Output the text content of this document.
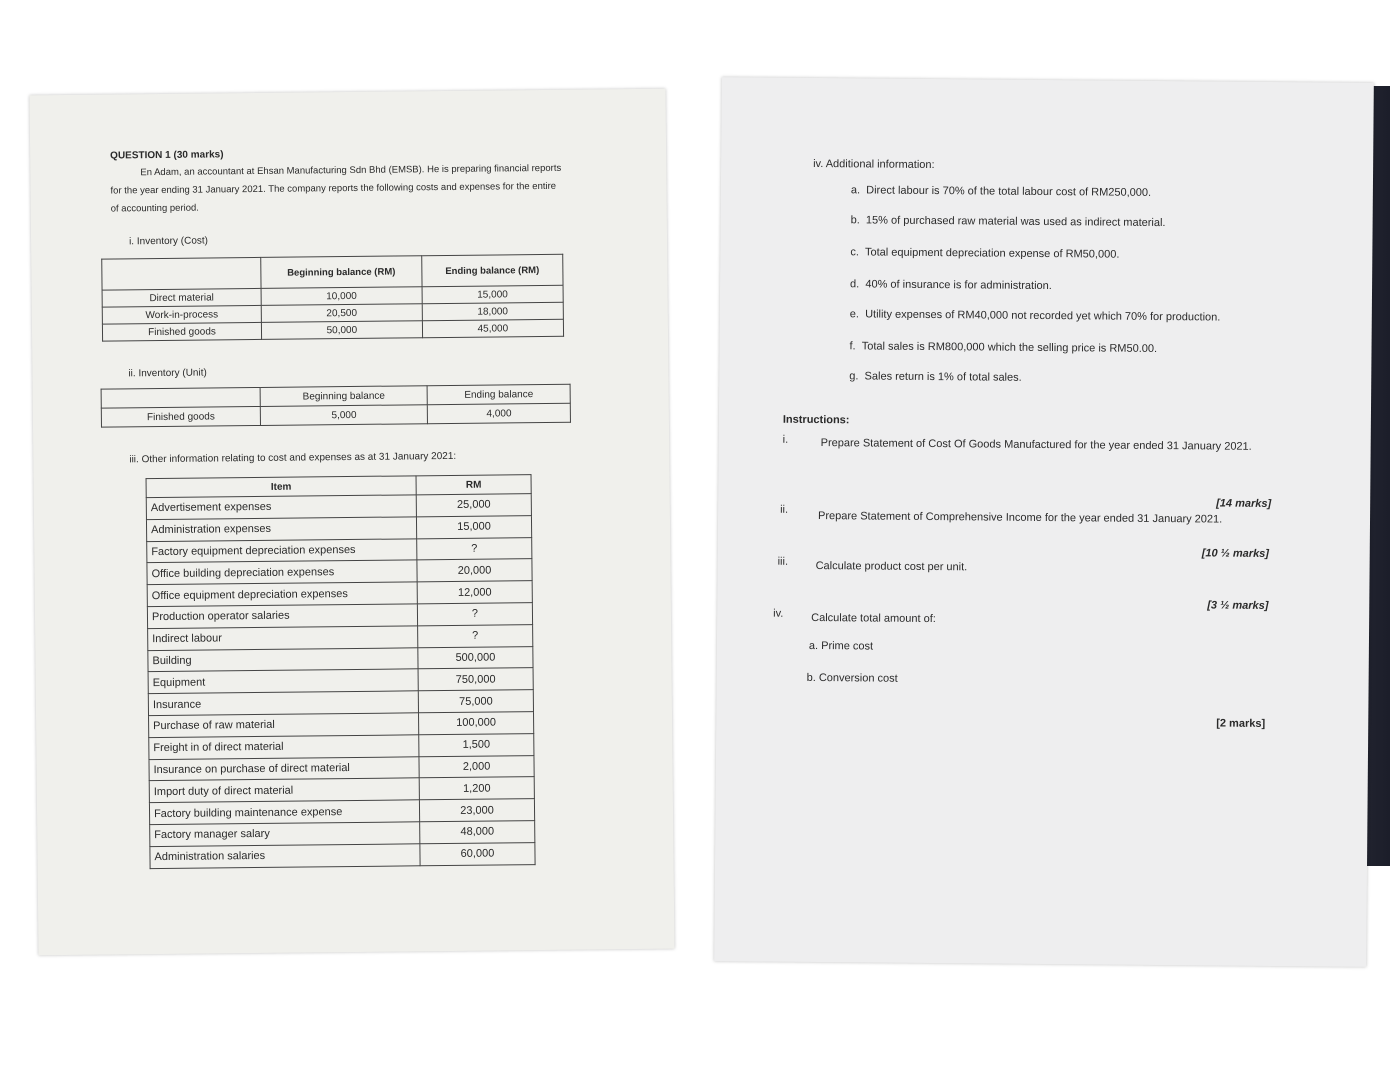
QUESTION 1 (30 marks)
En Adam, an accountant at Ehsan Manufacturing Sdn Bhd (EMSB). He is preparing financial reports for the year ending 31 January 2021. The company reports the following costs and expenses for the entire of accounting period.
i. Inventory (Cost)
	Beginning balance (RM)	Ending balance (RM)
Direct material	10,000	15,000
Work-in-process	20,500	18,000
Finished goods	50,000	45,000
ii. Inventory (Unit)
	Beginning balance	Ending balance
Finished goods	5,000	4,000
iii. Other information relating to cost and expenses as at 31 January 2021:
Item	RM
Advertisement expenses	25,000
Administration expenses	15,000
Factory equipment depreciation expenses	?
Office building depreciation expenses	20,000
Office equipment depreciation expenses	12,000
Production operator salaries	?
Indirect labour	?
Building	500,000
Equipment	750,000
Insurance	75,000
Purchase of raw material	100,000
Freight in of direct material	1,500
Insurance on purchase of direct material	2,000
Import duty of direct material	1,200
Factory building maintenance expense	23,000
Factory manager salary	48,000
Administration salaries	60,000
iv. Additional information:
a. Direct labour is 70% of the total labour cost of RM250,000.
b. 15% of purchased raw material was used as indirect material.
c. Total equipment depreciation expense of RM50,000.
d. 40% of insurance is for administration.
e. Utility expenses of RM40,000 not recorded yet which 70% for production.
f. Total sales is RM800,000 which the selling price is RM50.00.
g. Sales return is 1% of total sales.
Instructions:
i.	Prepare Statement of Cost Of Goods Manufactured for the year ended 31 January 2021.
[14 marks]
ii.
Prepare Statement of Comprehensive Income for the year ended 31 January 2021.
[10 ½ marks]
iii. Calculate product cost per unit.
[3 ½ marks]
iv.	Calculate total amount of:
a. Prime cost
b. Conversion cost
[2 marks]
